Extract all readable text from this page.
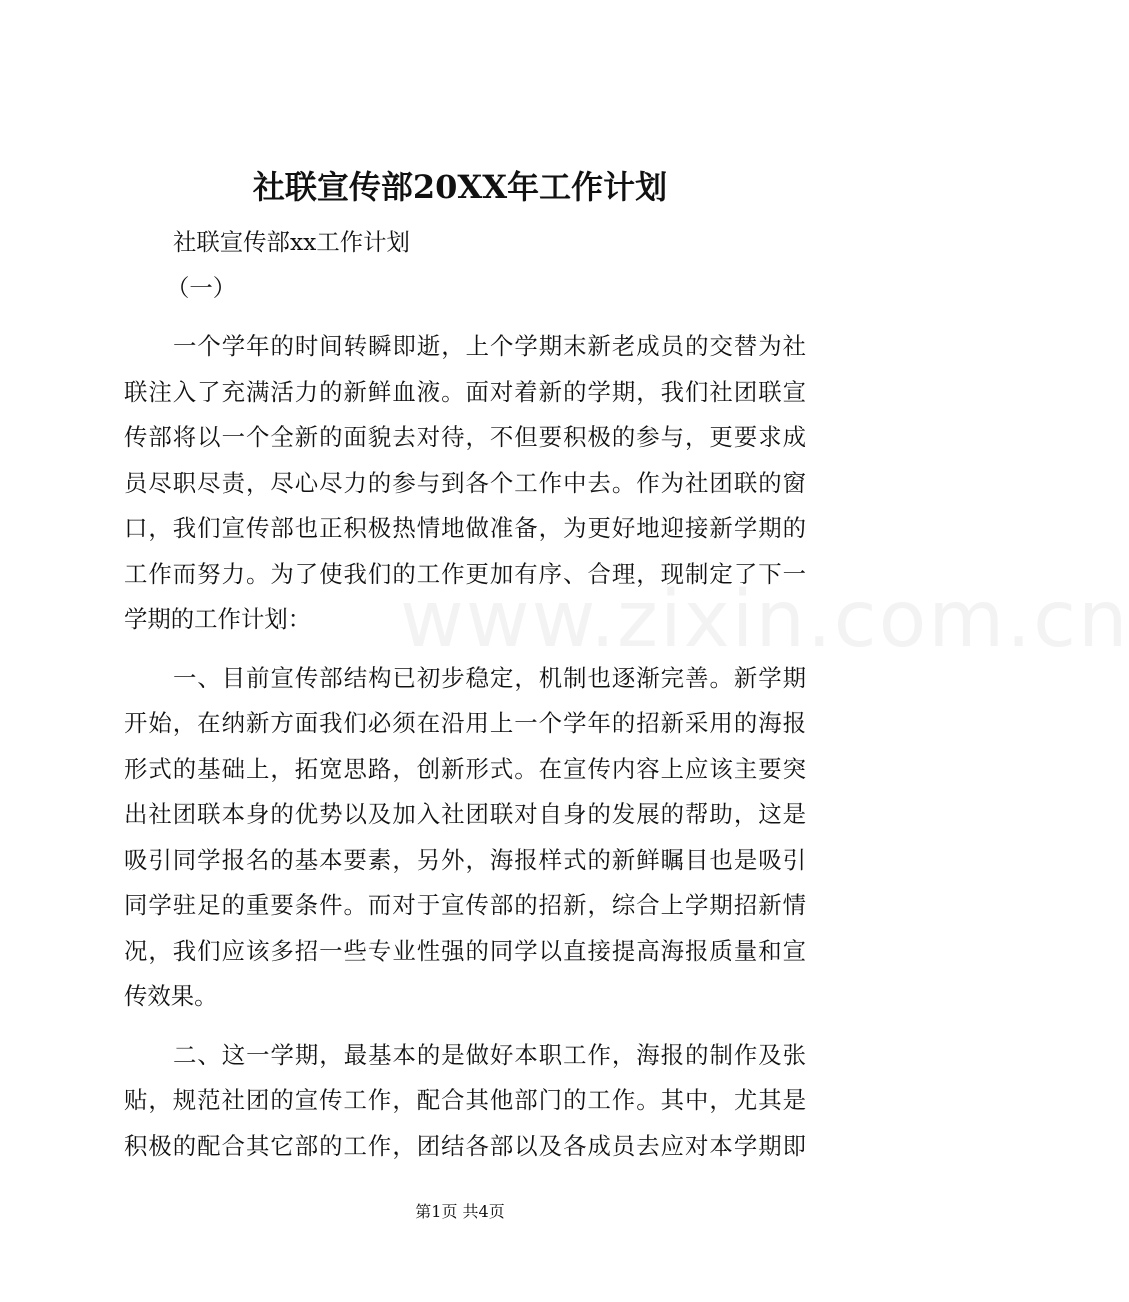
www.zixin.com.cn
社联宣传部20XX年工作计划
社联宣传部xx工作计划
（一）
一个学年的时间转瞬即逝，上个学期末新老成员的交替为社
联注入了充满活力的新鲜血液。面对着新的学期，我们社团联宣
传部将以一个全新的面貌去对待，不但要积极的参与，更要求成
员尽职尽责，尽心尽力的参与到各个工作中去。作为社团联的窗
口，我们宣传部也正积极热情地做准备，为更好地迎接新学期的
工作而努力。为了使我们的工作更加有序、合理，现制定了下一
学期的工作计划：
一、目前宣传部结构已初步稳定，机制也逐渐完善。新学期
开始，在纳新方面我们必须在沿用上一个学年的招新采用的海报
形式的基础上，拓宽思路，创新形式。在宣传内容上应该主要突
出社团联本身的优势以及加入社团联对自身的发展的帮助，这是
吸引同学报名的基本要素，另外，海报样式的新鲜瞩目也是吸引
同学驻足的重要条件。而对于宣传部的招新，综合上学期招新情
况，我们应该多招一些专业性强的同学以直接提高海报质量和宣
传效果。
二、这一学期，最基本的是做好本职工作，海报的制作及张
贴，规范社团的宣传工作，配合其他部门的工作。其中，尤其是
积极的配合其它部的工作，团结各部以及各成员去应对本学期即
第1页 共4页
